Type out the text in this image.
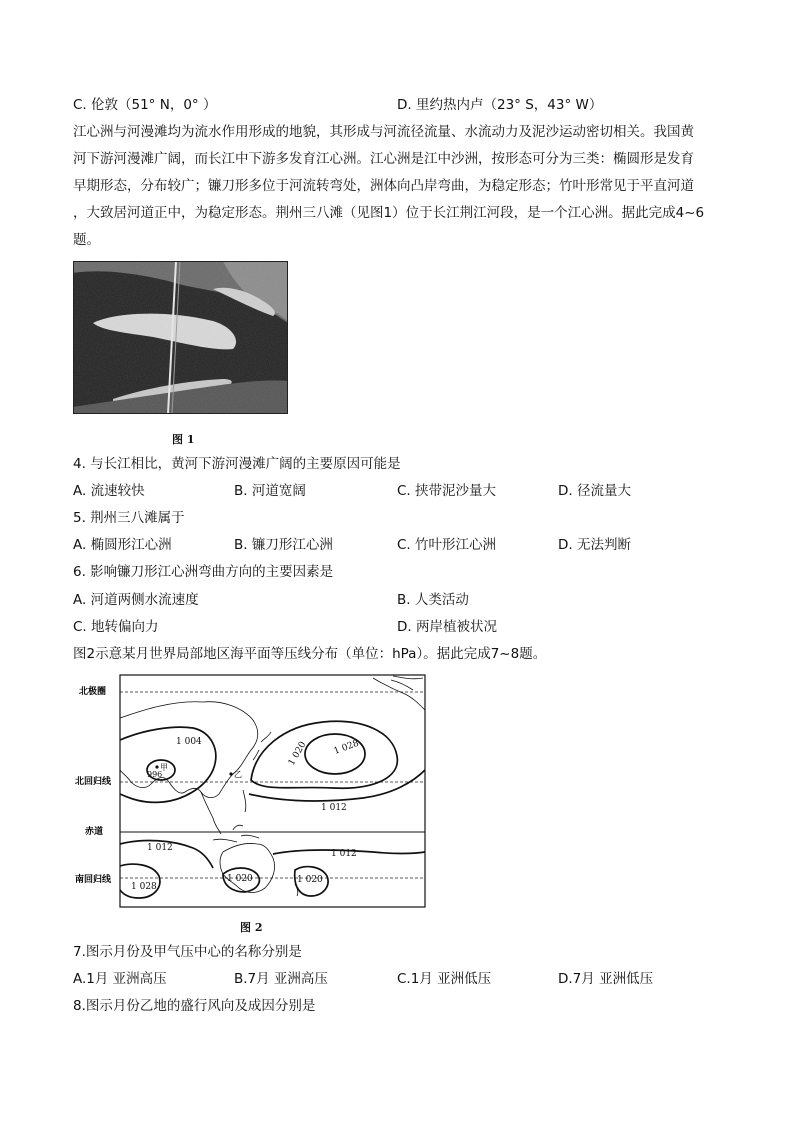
C. 伦敦（51° N，0° ）	D. 里约热内卢（23° S，43° W）
江心洲与河漫滩均为流水作用形成的地貌，其形成与河流径流量、水流动力及泥沙运动密切相关。我国黄
河下游河漫滩广阔，而长江中下游多发育江心洲。江心洲是江中沙洲，按形态可分为三类：椭圆形是发育
早期形态，分布较广；镰刀形多位于河流转弯处，洲体向凸岸弯曲，为稳定形态；竹叶形常见于平直河道
，大致居河道正中，为稳定形态。荆州三八滩（见图1）位于长江荆江河段，是一个江心洲。据此完成4~6
题。
图 1
4. 与长江相比，黄河下游河漫滩广阔的主要原因可能是
A. 流速较快	B. 河道宽阔	C. 挟带泥沙量大	D. 径流量大
5. 荆州三八滩属于
A. 椭圆形江心洲	B. 镰刀形江心洲	C. 竹叶形江心洲	D. 无法判断
6. 影响镰刀形江心洲弯曲方向的主要因素是
A. 河道两侧水流速度	B. 人类活动
C. 地转偏向力	D. 两岸植被状况
图2示意某月世界局部地区海平面等压线分布（单位：hPa）。据此完成7~8题。
北极圈
北回归线
赤道
南回归线
1 004	1 020	1 028
1 012
1 012
1 012
1 028
1 020	1 020
996
甲
乙
图 2
7.图示月份及甲气压中心的名称分别是
A.1月 亚洲高压	B.7月 亚洲高压	C.1月 亚洲低压	D.7月 亚洲低压
8.图示月份乙地的盛行风向及成因分别是
